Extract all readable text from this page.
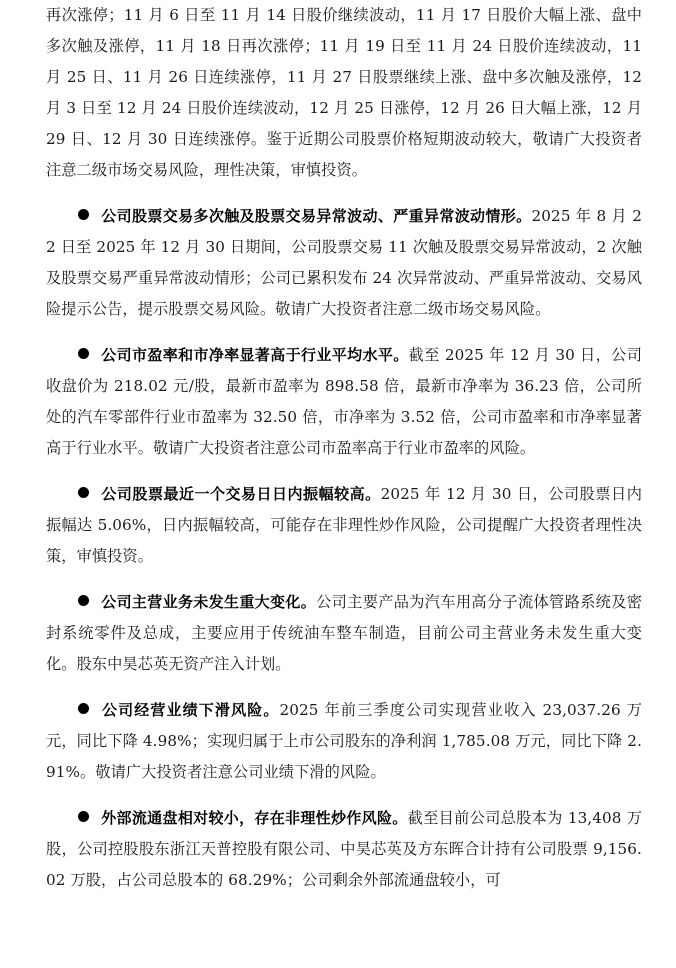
再次涨停；11 月 6 日至 11 月 14 日股价继续波动，11 月 17 日股价大幅上涨、盘中多次触及涨停，11 月 18 日再次涨停；11 月 19 日至 11 月 24 日股价连续波动，11 月 25 日、11 月 26 日连续涨停，11 月 27 日股票继续上涨、盘中多次触及涨停，12 月 3 日至 12 月 24 日股价连续波动，12 月 25 日涨停，12 月 26 日大幅上涨，12 月 29 日、12 月 30 日连续涨停。鉴于近期公司股票价格短期波动较大，敬请广大投资者注意二级市场交易风险，理性决策，审慎投资。

公司股票交易多次触及股票交易异常波动、严重异常波动情形。2025 年 8 月 22 日至 2025 年 12 月 30 日期间，公司股票交易 11 次触及股票交易异常波动，2 次触及股票交易严重异常波动情形；公司已累积发布 24 次异常波动、严重异常波动、交易风险提示公告，提示股票交易风险。敬请广大投资者注意二级市场交易风险。

公司市盈率和市净率显著高于行业平均水平。截至 2025 年 12 月 30 日，公司收盘价为 218.02 元/股，最新市盈率为 898.58 倍，最新市净率为 36.23 倍，公司所处的汽车零部件行业市盈率为 32.50 倍，市净率为 3.52 倍，公司市盈率和市净率显著高于行业水平。敬请广大投资者注意公司市盈率高于行业市盈率的风险。

公司股票最近一个交易日日内振幅较高。2025 年 12 月 30 日，公司股票日内振幅达 5.06%，日内振幅较高，可能存在非理性炒作风险，公司提醒广大投资者理性决策，审慎投资。

公司主营业务未发生重大变化。公司主要产品为汽车用高分子流体管路系统及密封系统零件及总成，主要应用于传统油车整车制造，目前公司主营业务未发生重大变化。股东中昊芯英无资产注入计划。

公司经营业绩下滑风险。2025 年前三季度公司实现营业收入 23,037.26 万元，同比下降 4.98%；实现归属于上市公司股东的净利润 1,785.08 万元，同比下降 2.91%。敬请广大投资者注意公司业绩下滑的风险。

外部流通盘相对较小，存在非理性炒作风险。截至目前公司总股本为 13,408 万股，公司控股股东浙江天普控股有限公司、中昊芯英及方东晖合计持有公司股票 9,156.02 万股，占公司总股本的 68.29%；公司剩余外部流通盘较小，可
